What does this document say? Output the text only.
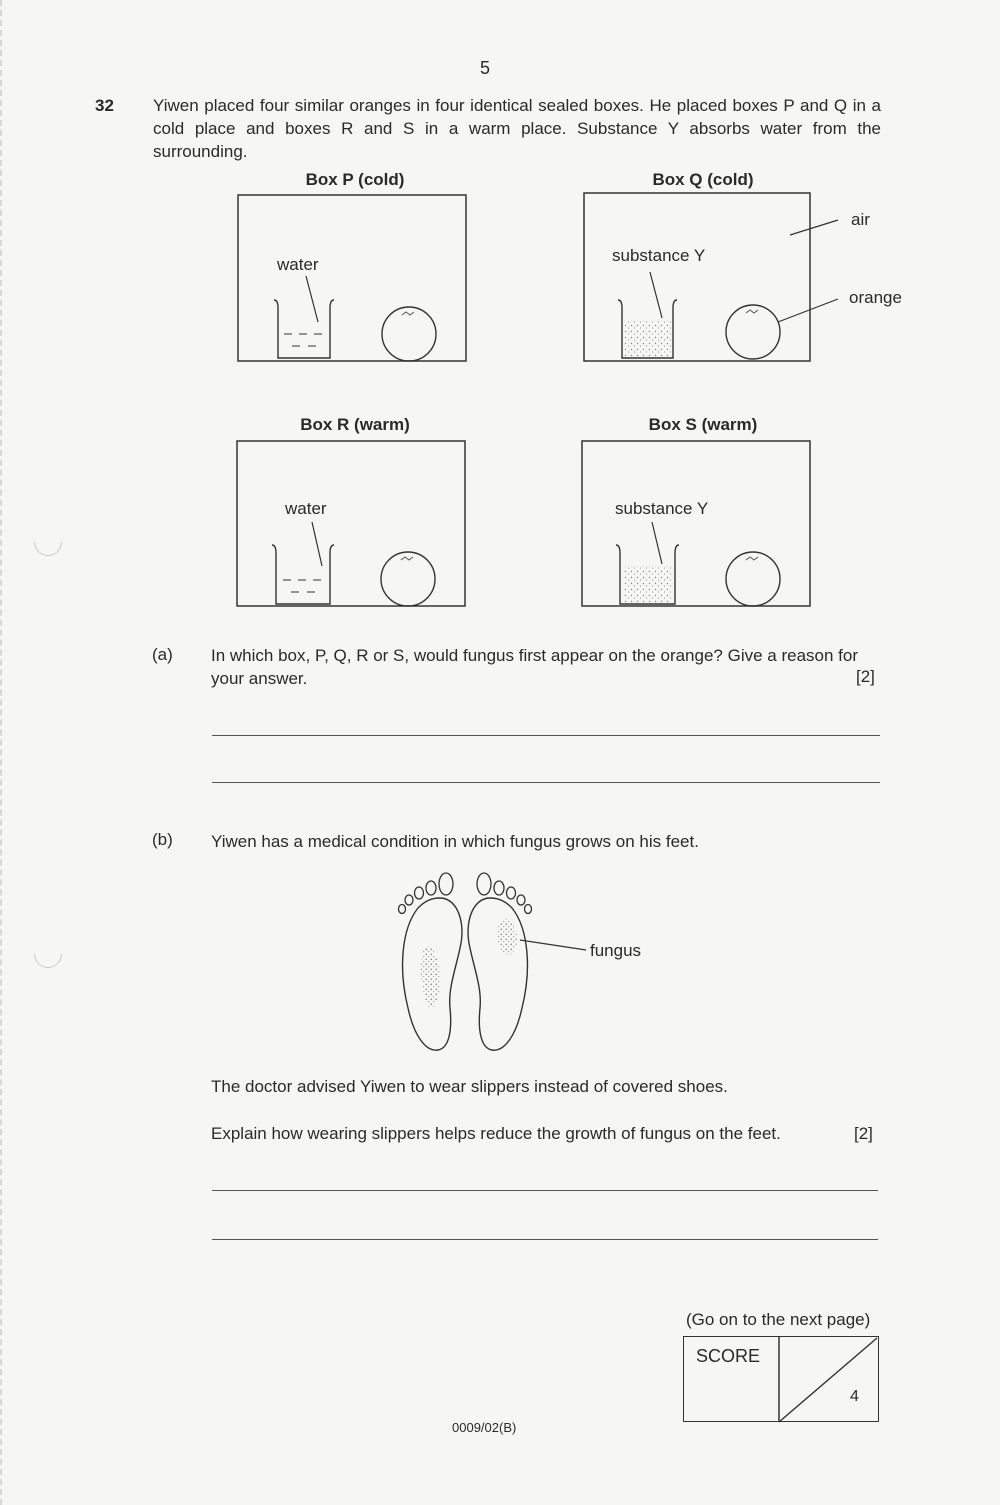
5
32 Yiwen placed four similar oranges in four identical sealed boxes. He placed boxes P and Q in a cold place and boxes R and S in a warm place. Substance Y absorbs water from the surrounding.
Box P (cold)	Box Q (cold)
Box R (warm)	Box S (warm)
water	substance Y
air
orange
water	substance Y
(a) In which box, P, Q, R or S, would fungus first appear on the orange? Give a reason for your answer.	[2]
(b) Yiwen has a medical condition in which fungus grows on his feet.
fungus
The doctor advised Yiwen to wear slippers instead of covered shoes.
Explain how wearing slippers helps reduce the growth of fungus on the feet.	[2]
(Go on to the next page)
SCORE
4
0009/02(B)
